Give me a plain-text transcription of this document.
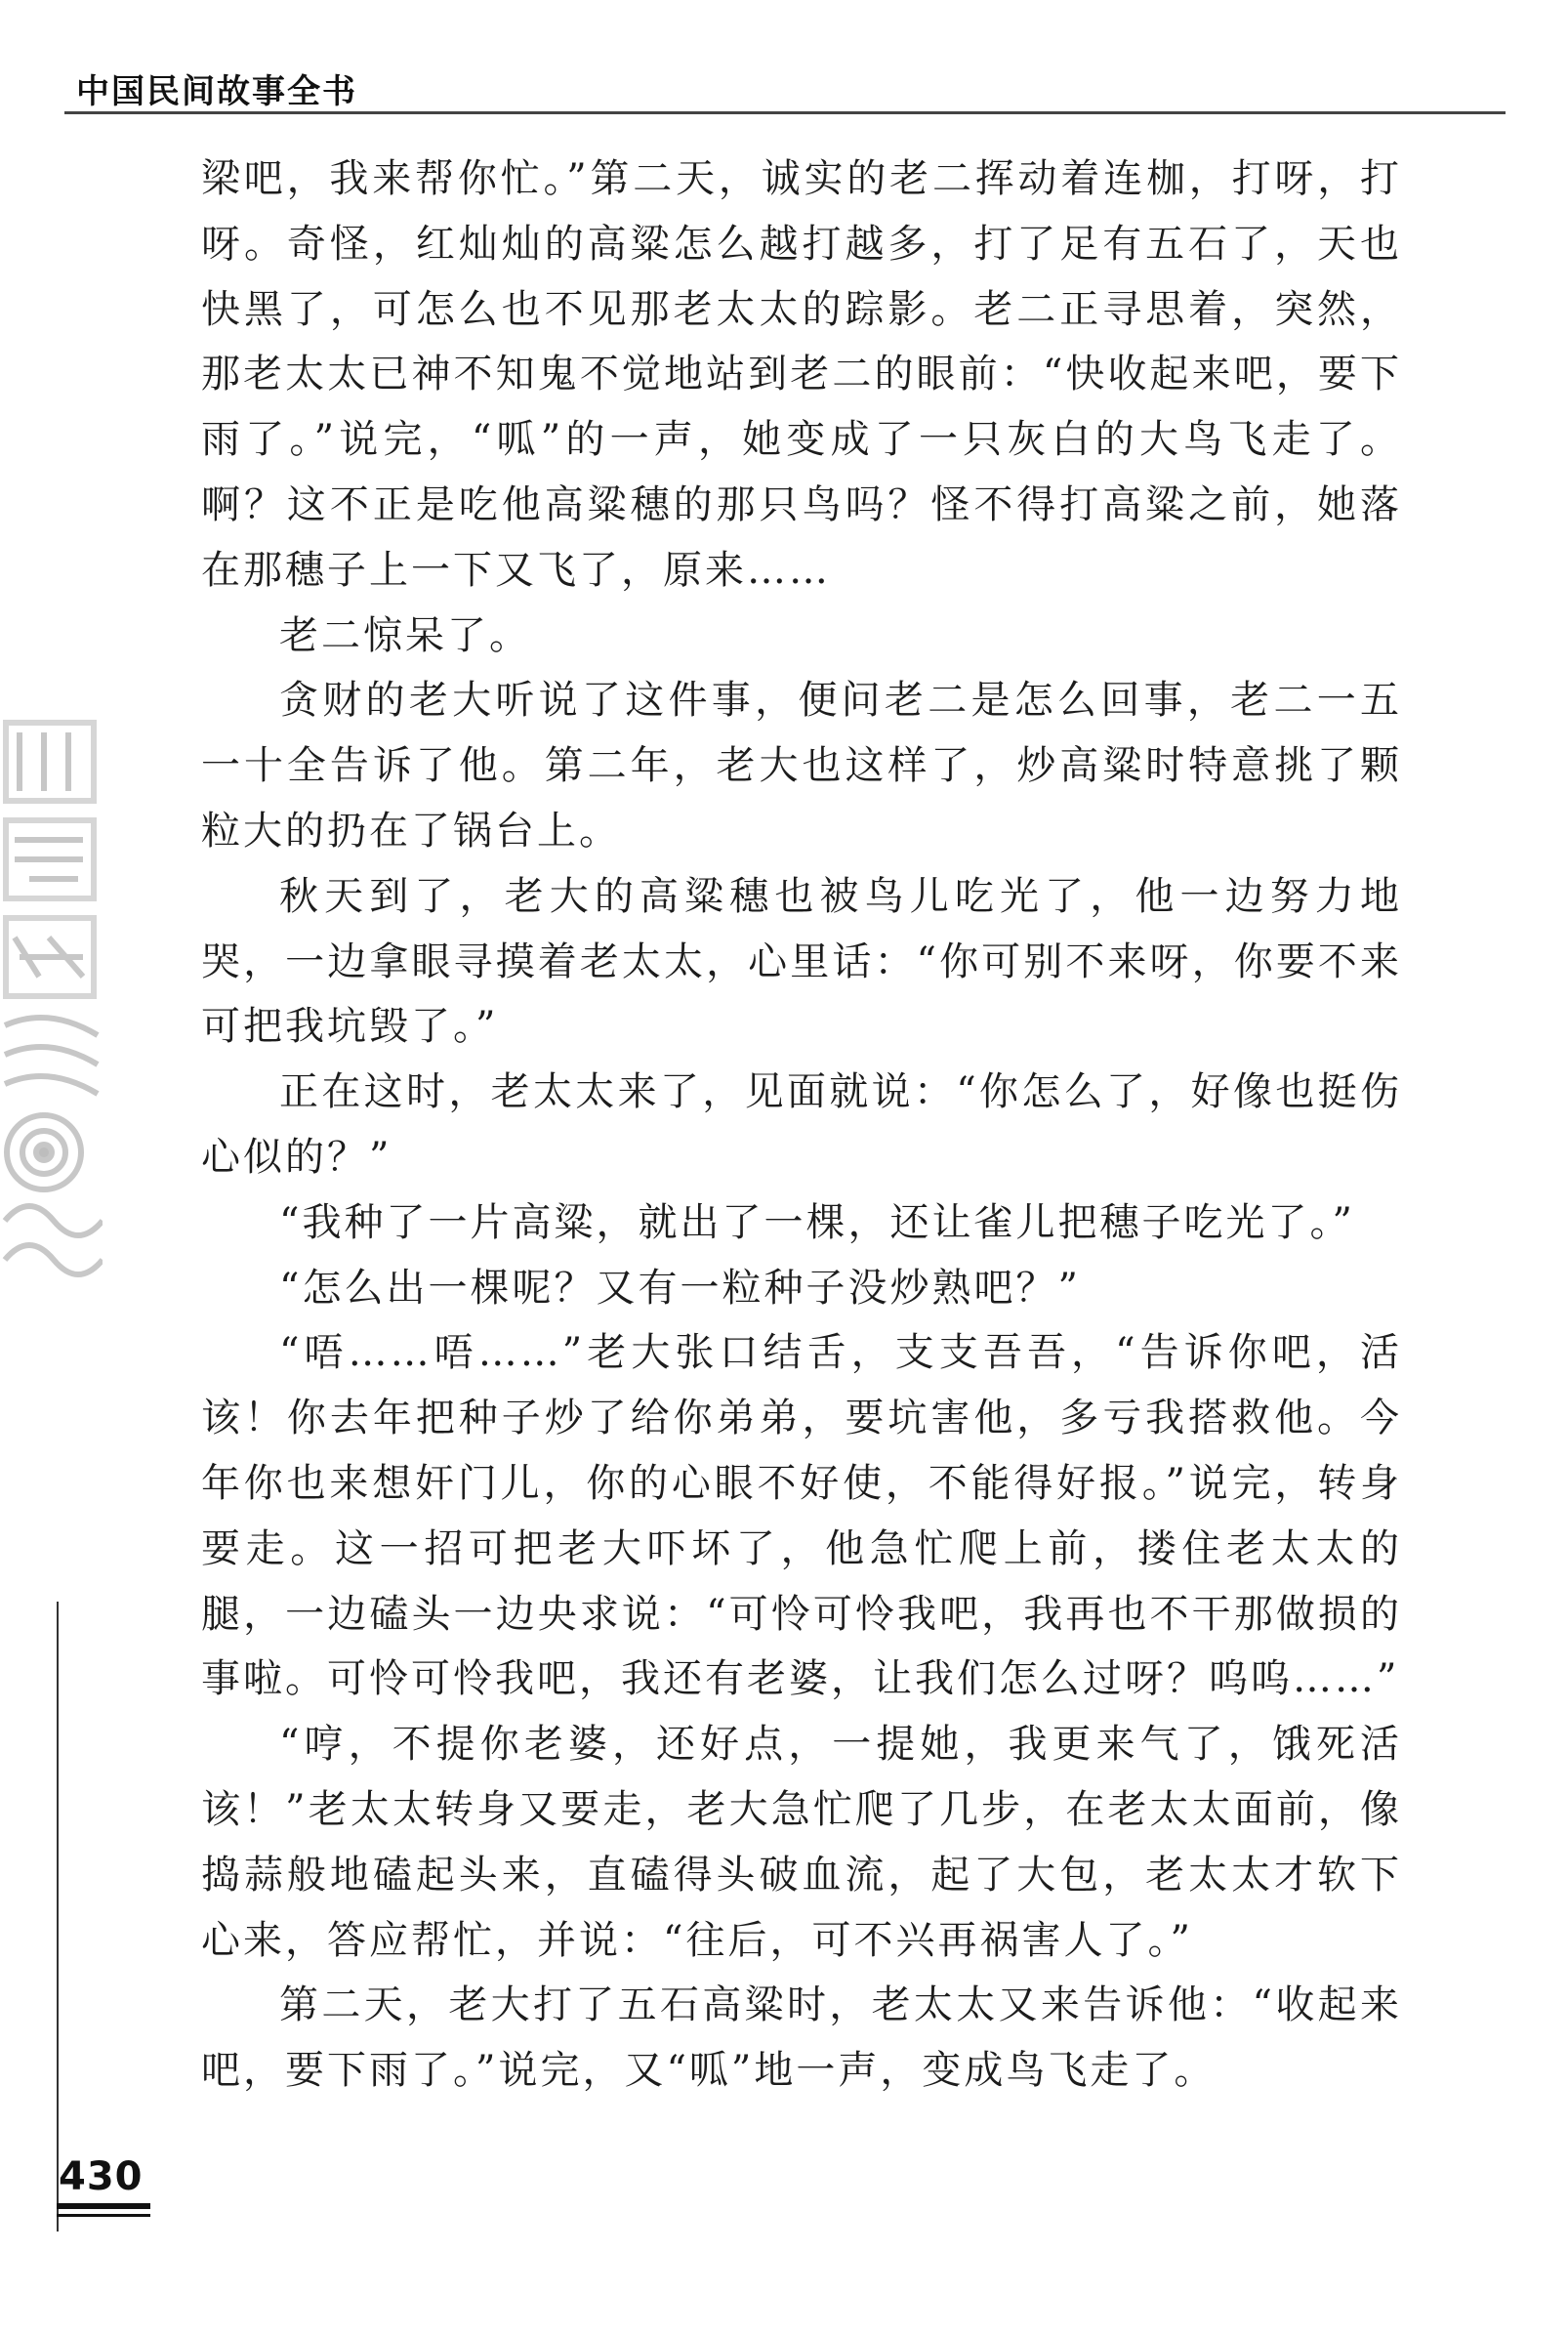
中国民间故事全书

梁吧，我来帮你忙。”第二天，诚实的老二挥动着连枷，打呀，打呀。奇怪，红灿灿的高粱怎么越打越多，打了足有五石了，天也快黑了，可怎么也不见那老太太的踪影。老二正寻思着，突然，那老太太已神不知鬼不觉地站到老二的眼前：“快收起来吧，要下雨了。”说完，“呱”的一声，她变成了一只灰白的大鸟飞走了。啊？这不正是吃他高粱穗的那只鸟吗？怪不得打高粱之前，她落在那穗子上一下又飞了，原来……

老二惊呆了。

贪财的老大听说了这件事，便问老二是怎么回事，老二一五一十全告诉了他。第二年，老大也这样了，炒高粱时特意挑了颗粒大的扔在了锅台上。

秋天到了，老大的高粱穗也被鸟儿吃光了，他一边努力地哭，一边拿眼寻摸着老太太，心里话：“你可别不来呀，你要不来可把我坑毁了。”

正在这时，老太太来了，见面就说：“你怎么了，好像也挺伤心似的？”

“我种了一片高粱，就出了一棵，还让雀儿把穗子吃光了。”

“怎么出一棵呢？又有一粒种子没炒熟吧？”

“唔……唔……”老大张口结舌，支支吾吾，“告诉你吧，活该！你去年把种子炒了给你弟弟，要坑害他，多亏我搭救他。今年你也来想奸门儿，你的心眼不好使，不能得好报。”说完，转身要走。这一招可把老大吓坏了，他急忙爬上前，搂住老太太的腿，一边磕头一边央求说：“可怜可怜我吧，我再也不干那做损的事啦。可怜可怜我吧，我还有老婆，让我们怎么过呀？呜呜……”

“哼，不提你老婆，还好点，一提她，我更来气了，饿死活该！”老太太转身又要走，老大急忙爬了几步，在老太太面前，像捣蒜般地磕起头来，直磕得头破血流，起了大包，老太太才软下心来，答应帮忙，并说：“往后，可不兴再祸害人了。”

第二天，老大打了五石高粱时，老太太又来告诉他：“收起来吧，要下雨了。”说完，又“呱”地一声，变成鸟飞走了。

430
